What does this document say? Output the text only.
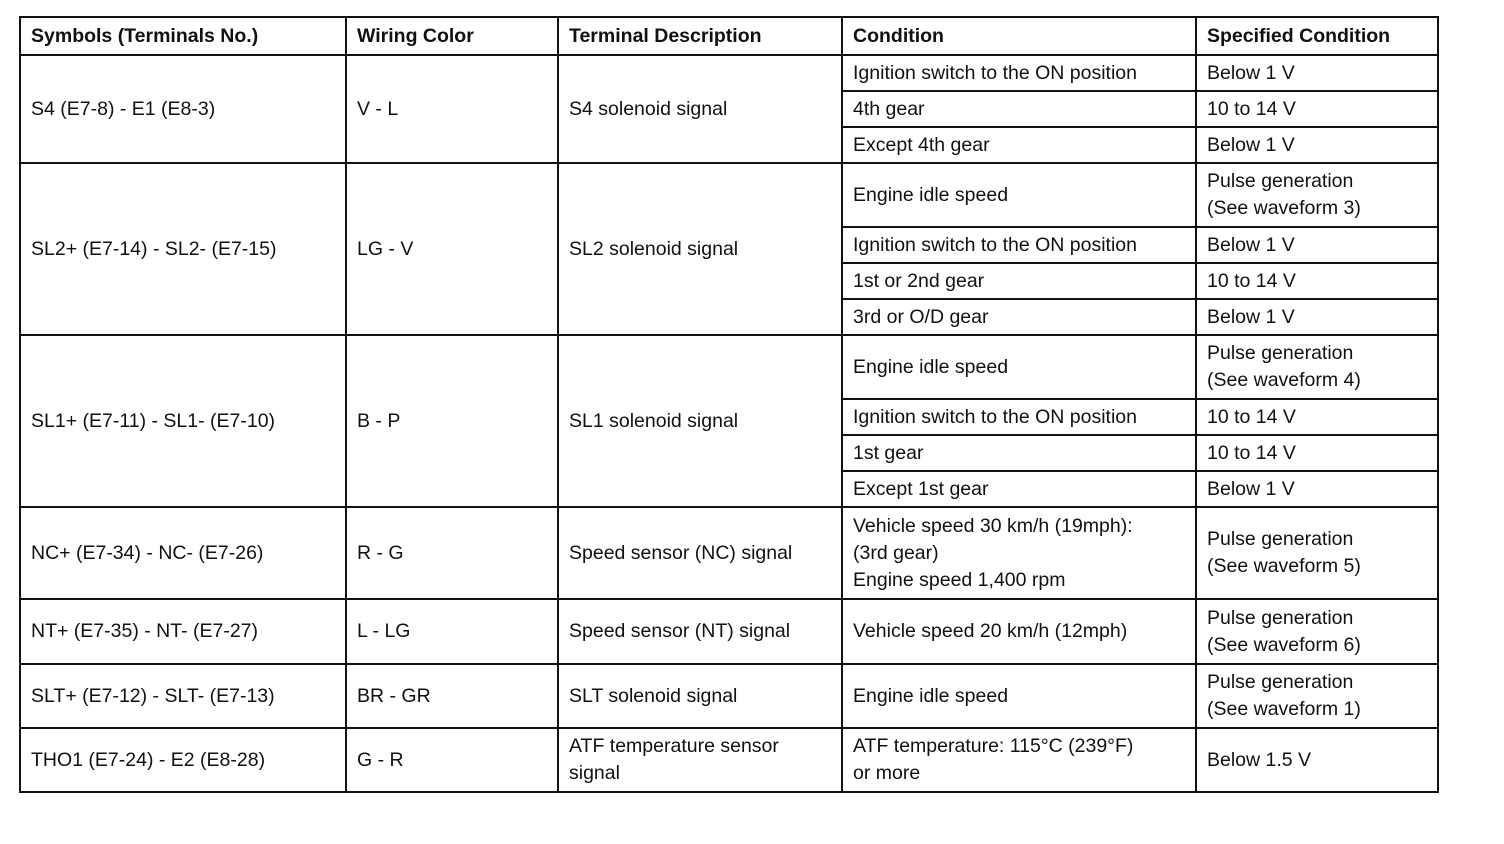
Symbols (Terminals No.)	Wiring Color	Terminal Description	Condition	Specified Condition
S4 (E7-8) - E1 (E8-3)	V - L	S4 solenoid signal	Ignition switch to the ON position	Below 1 V
			4th gear	10 to 14 V
			Except 4th gear	Below 1 V
SL2+ (E7-14) - SL2- (E7-15)	LG - V	SL2 solenoid signal	Engine idle speed	Pulse generation
(See waveform 3)

			Ignition switch to the ON position	Below 1 V
			1st or 2nd gear	10 to 14 V
			3rd or O/D gear	Below 1 V
SL1+ (E7-11) - SL1- (E7-10)	B - P	SL1 solenoid signal	Engine idle speed	Pulse generation
(See waveform 4)

			Ignition switch to the ON position	10 to 14 V
			1st gear	10 to 14 V
			Except 1st gear	Below 1 V
NC+ (E7-34) - NC- (E7-26)	R - G	Speed sensor (NC) signal	Vehicle speed 30 km/h (19mph):
(3rd gear)
Engine speed 1,400 rpm	Pulse generation
(See waveform 5)

NT+ (E7-35) - NT- (E7-27)	L - LG	Speed sensor (NT) signal	Vehicle speed 20 km/h (12mph)	Pulse generation
(See waveform 6)

SLT+ (E7-12) - SLT- (E7-13)	BR - GR	SLT solenoid signal	Engine idle speed	Pulse generation
(See waveform 1)

THO1 (E7-24) - E2 (E8-28)	G - R	ATF temperature sensor
signal	ATF temperature: 115°C (239°F)
or more	Below 1.5 V
